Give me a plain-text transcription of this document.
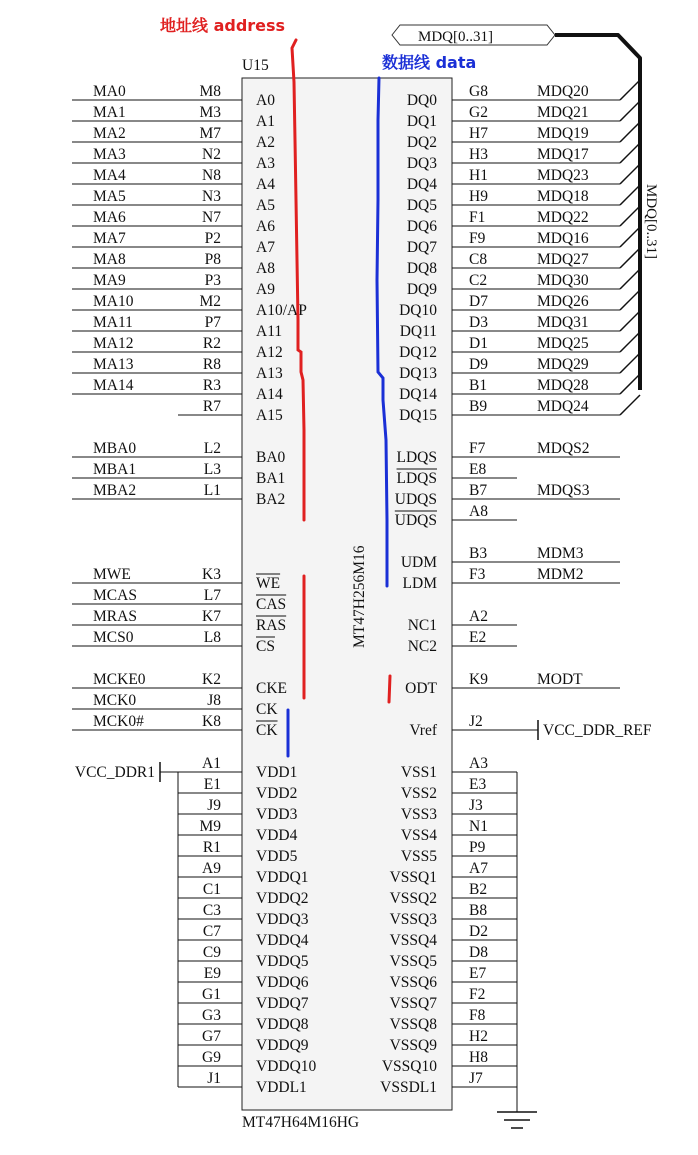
U15
MT47H64M16HG
MT47H256M16
MDQ[0..31]
MDQ[0..31]
MA0	M8
A0
MA1	M3
A1
MA2	M7
A2
MA3	N2
A3
MA4	N8
A4
MA5	N3
A5
MA6	N7
A6
MA7	P2
A7
MA8	P8
A8
MA9	P3
A9
MA10	M2
A10/AP
MA11	P7
A11
MA12	R2
A12
MA13	R8
A13
MA14	R3
A14
R7
A15
MBA0	L2
BA0
MBA1	L3
BA1
MBA2	L1
BA2
MWE	K3
WE
MCAS	L7
CAS
MRAS	K7
RAS
MCS0	L8
CS
MCKE0	K2
CKE
MCK0	J8
CK
MCK0#	K8
CK
MDQ20
G8
DQ0
MDQ21
G2
DQ1
MDQ19
H7
DQ2
MDQ17
H3
DQ3
MDQ23
H1
DQ4
MDQ18
H9
DQ5
MDQ22
F1
DQ6
MDQ16
F9
DQ7
MDQ27
C8
DQ8
MDQ30
C2
DQ9
MDQ26
D7
DQ10
MDQ31
D3
DQ11
MDQ25
D1
DQ12
MDQ29
D9
DQ13
MDQ28
B1
DQ14
MDQ24
B9
DQ15
MDQS2
F7
LDQS
E8
LDQS
MDQS3
B7
UDQS
A8
UDQS
MDM3
B3
UDM
MDM2
F3
LDM
A2
NC1
E2
NC2
MODT
K9
ODT
VCC_DDR_REF
J2
Vref
VCC_DDR1
A1
VDD1
E1
VDD2
J9
VDD3
M9
VDD4
R1
VDD5
A9
VDDQ1
C1
VDDQ2
C3
VDDQ3
C7
VDDQ4
C9
VDDQ5
E9
VDDQ6
G1
VDDQ7
G3
VDDQ8
G7
VDDQ9
G9
VDDQ10
J1
VDDL1
A3
VSS1
E3
VSS2
J3
VSS3
N1
VSS4
P9
VSS5
A7
VSSQ1
B2
VSSQ2
B8
VSSQ3
D2
VSSQ4
D8
VSSQ5
E7
VSSQ6
F2
VSSQ7
F8
VSSQ8
H2
VSSQ9
H8
VSSQ10
J7
VSSDL1
地址线 address
数据线 data
